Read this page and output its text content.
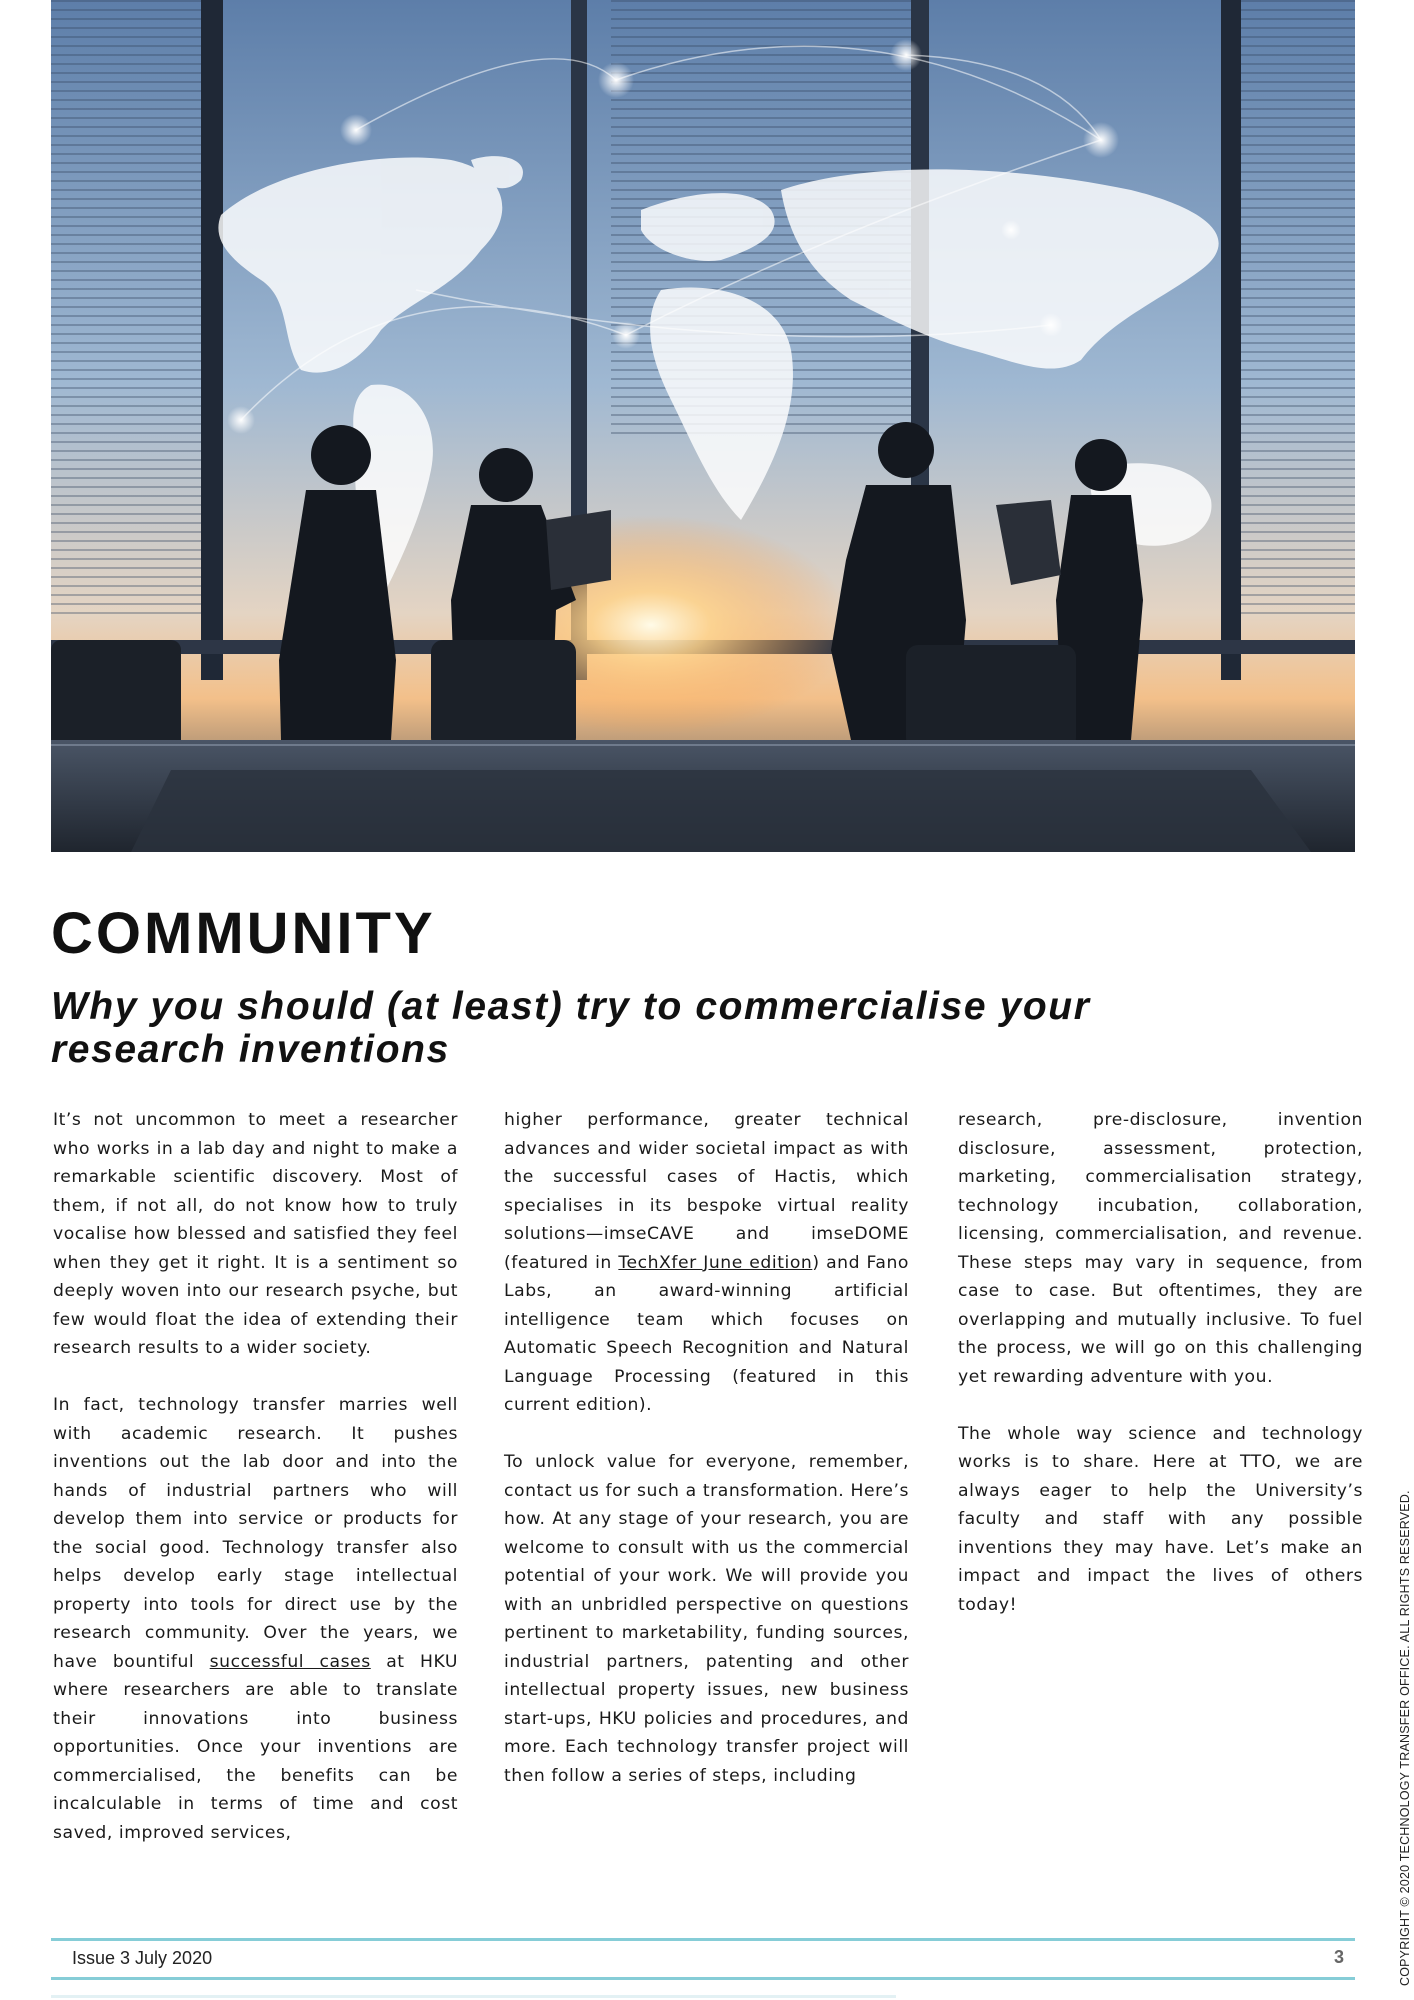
COMMUNITY
Why you should (at least) try to commercialise your research inventions

It’s not uncommon to meet a researcher who works in a lab day and night to make a remarkable scientific discovery. Most of them, if not all, do not know how to truly vocalise how blessed and satisfied they feel when they get it right. It is a sentiment so deeply woven into our research psyche, but few would float the idea of extending their research results to a wider society.

In fact, technology transfer marries well with academic research. It pushes inventions out the lab door and into the hands of industrial partners who will develop them into service or products for the social good. Technology transfer also helps develop early stage intellectual property into tools for direct use by the research community. Over the years, we have bountiful successful cases at HKU where researchers are able to translate their innovations into business opportunities. Once your inventions are commercialised, the benefits can be incalculable in terms of time and cost saved, improved services,

higher performance, greater technical advances and wider societal impact as with the successful cases of Hactis, which specialises in its bespoke virtual reality solutions—imseCAVE and imseDOME (featured in TechXfer June edition) and Fano Labs, an award-winning artificial intelligence team which focuses on Automatic Speech Recognition and Natural Language Processing (featured in this current edition).

To unlock value for everyone, remember, contact us for such a transformation. Here’s how. At any stage of your research, you are welcome to consult with us the commercial potential of your work. We will provide you with an unbridled perspective on questions pertinent to marketability, funding sources, industrial partners, patenting and other intellectual property issues, new business start-ups, HKU policies and procedures, and more. Each technology transfer project will then follow a series of steps, including

research, pre-disclosure, invention disclosure, assessment, protection, marketing, commercialisation strategy, technology incubation, collaboration, licensing, commercialisation, and revenue. These steps may vary in sequence, from case to case. But oftentimes, they are overlapping and mutually inclusive. To fuel the process, we will go on this challenging yet rewarding adventure with you.

The whole way science and technology works is to share. Here at TTO, we are always eager to help the University’s faculty and staff with any possible inventions they may have. Let’s make an impact and impact the lives of others today!

Issue 3 July 2020	3	COPYRIGHT © 2020 TECHNOLOGY TRANSFER OFFICE. ALL RIGHTS RESERVED.
